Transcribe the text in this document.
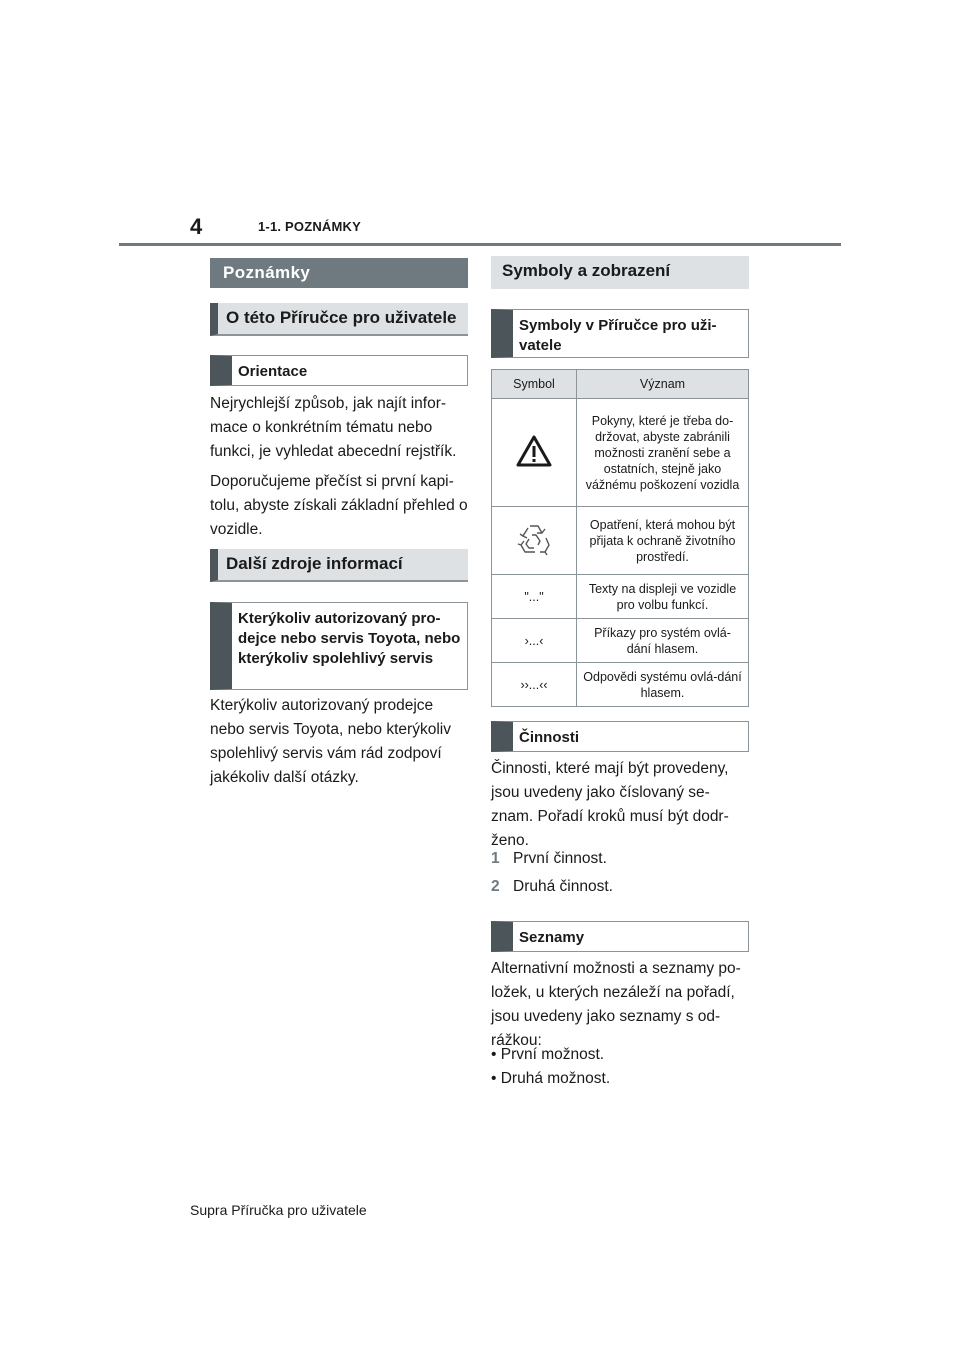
4	1-1. POZNÁMKY
Poznámky
O této Příručce pro uživatele
Orientace

Nejrychlejší způsob, jak najít infor-mace o konkrétním tématu nebo funkci, je vyhledat abecední rejstřík.

Doporučujeme přečíst si první kapi-tolu, abyste získali základní přehled o vozidle.

Další zdroje informací
Kterýkoliv autorizovaný pro-dejce nebo servis Toyota, nebo kterýkoliv spolehlivý servis
Kterýkoliv autorizovaný prodejce nebo servis Toyota, nebo kterýkoliv spolehlivý servis vám rád zodpoví jakékoliv další otázky.
Symboly a zobrazení
Symboly v Příručce pro uži-vatele
Symbol	Význam
	Pokyny, které je třeba do-držovat, abyste zabránili možnosti zranění sebe a ostatních, stejně jako vážnému poškození vozidla
	Opatření, která mohou být přijata k ochraně životního prostředí.
"..."	Texty na displeji ve vozidle pro volbu funkcí.
›...‹	Příkazy pro systém ovlá-dání hlasem.
››...‹‹	Odpovědi systému ovlá-dání hlasem.
Činnosti
Činnosti, které mají být provedeny, jsou uvedeny jako číslovaný se-znam. Pořadí kroků musí být dodr-ženo.
1 První činnost.
2 Druhá činnost.
Seznamy
Alternativní možnosti a seznamy po-ložek, u kterých nezáleží na pořadí, jsou uvedeny jako seznamy s od-rážkou:
• První možnost.
• Druhá možnost.
Supra Příručka pro uživatele
